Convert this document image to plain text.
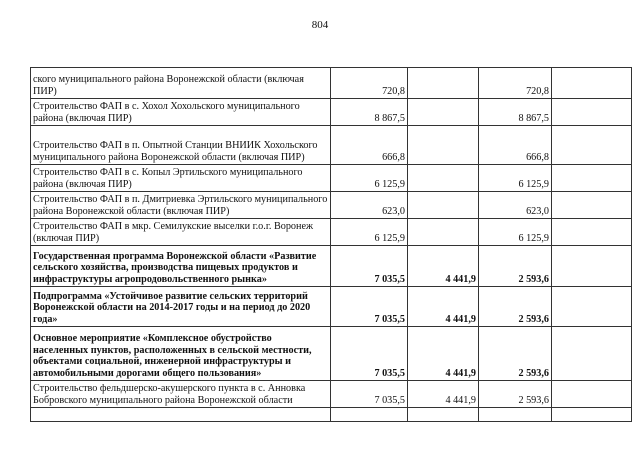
804
ского муниципального района Воронежской области (включая ПИР)	720,8		720,8	
Строительство ФАП в с. Хохол Хохольского муниципального района (включая ПИР)	8 867,5		8 867,5	
Строительство ФАП в п. Опытной Станции ВНИИК Хохольского муниципального района Воронежской области (включая ПИР)	666,8		666,8	
Строительство ФАП в с. Копыл Эртильского муниципального района (включая ПИР)	6 125,9		6 125,9	
Строительство ФАП в п. Дмитриевка Эртильского муниципального района Воронежской области (включая ПИР)	623,0		623,0	
Строительство ФАП в мкр. Семилукские выселки г.о.г. Воронеж (включая ПИР)	6 125,9		6 125,9	
Государственная программа Воронежской области «Развитие сельского хозяйства, производства пищевых продуктов и инфраструктуры агропродовольственного рынка»	7 035,5	4 441,9	2 593,6	
Подпрограмма «Устойчивое развитие сельских территорий Воронежской области на 2014-2017 годы и на период до 2020 года»	7 035,5	4 441,9	2 593,6	
Основное мероприятие «Комплексное обустройство населенных пунктов, расположенных в сельской местности, объектами социальной, инженерной инфраструктуры и автомобильными дорогами общего пользования»	7 035,5	4 441,9	2 593,6	
Строительство фельдшерско-акушерского пункта в с. Анновка Бобровского муниципального района Воронежской области	7 035,5	4 441,9	2 593,6	
